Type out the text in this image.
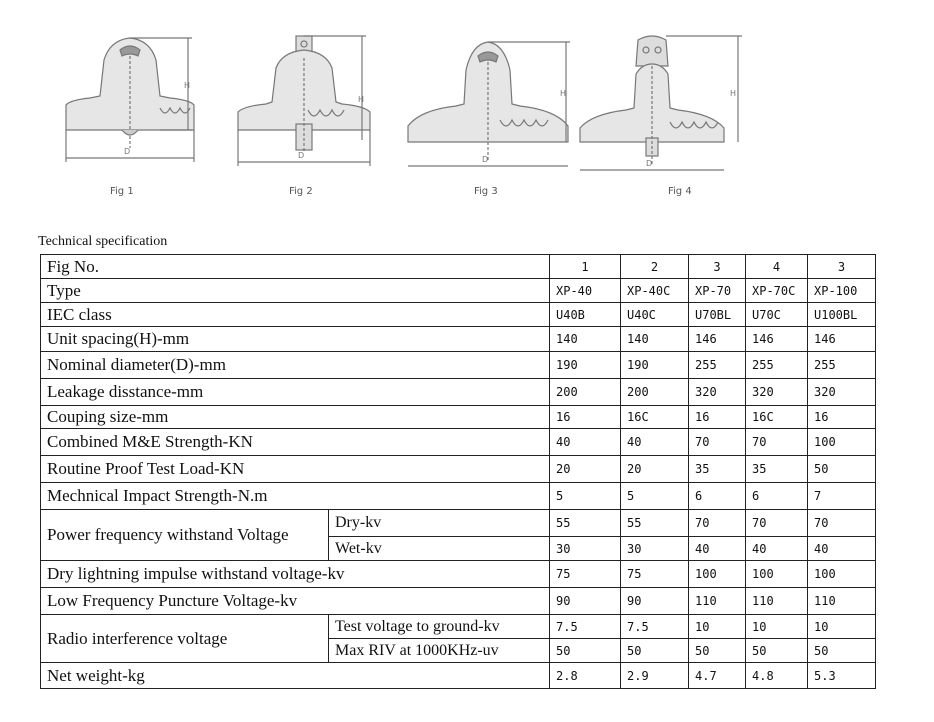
H
D
Fig 1
H
D
Fig 2
H
D
Fig 3
H
D
Fig 4
Technical specification
Fig No.		1	2	3	4	3
Type		XP-40	XP-40C	XP-70	XP-70C	XP-100
IEC class		U40B	U40C	U70BL	U70C	U100BL
Unit spacing(H)-mm		140	140	146	146	146
Nominal diameter(D)-mm		190	190	255	255	255
Leakage disstance-mm		200	200	320	320	320
Couping size-mm		16	16C	16	16C	16
Combined M&E Strength-KN		40	40	70	70	100
Routine Proof Test Load-KN		20	20	35	35	50
Mechnical Impact Strength-N.m		5	5	6	6	7
Power frequency withstand Voltage	Dry-kv	55	55	70	70	70
	Wet-kv	30	30	40	40	40
Dry lightning impulse withstand voltage-kv		75	75	100	100	100
Low Frequency Puncture Voltage-kv		90	90	110	110	110
Radio interference voltage	Test voltage to ground-kv	7.5	7.5	10	10	10
	Max RIV at 1000KHz-uv	50	50	50	50	50
Net weight-kg		2.8	2.9	4.7	4.8	5.3
